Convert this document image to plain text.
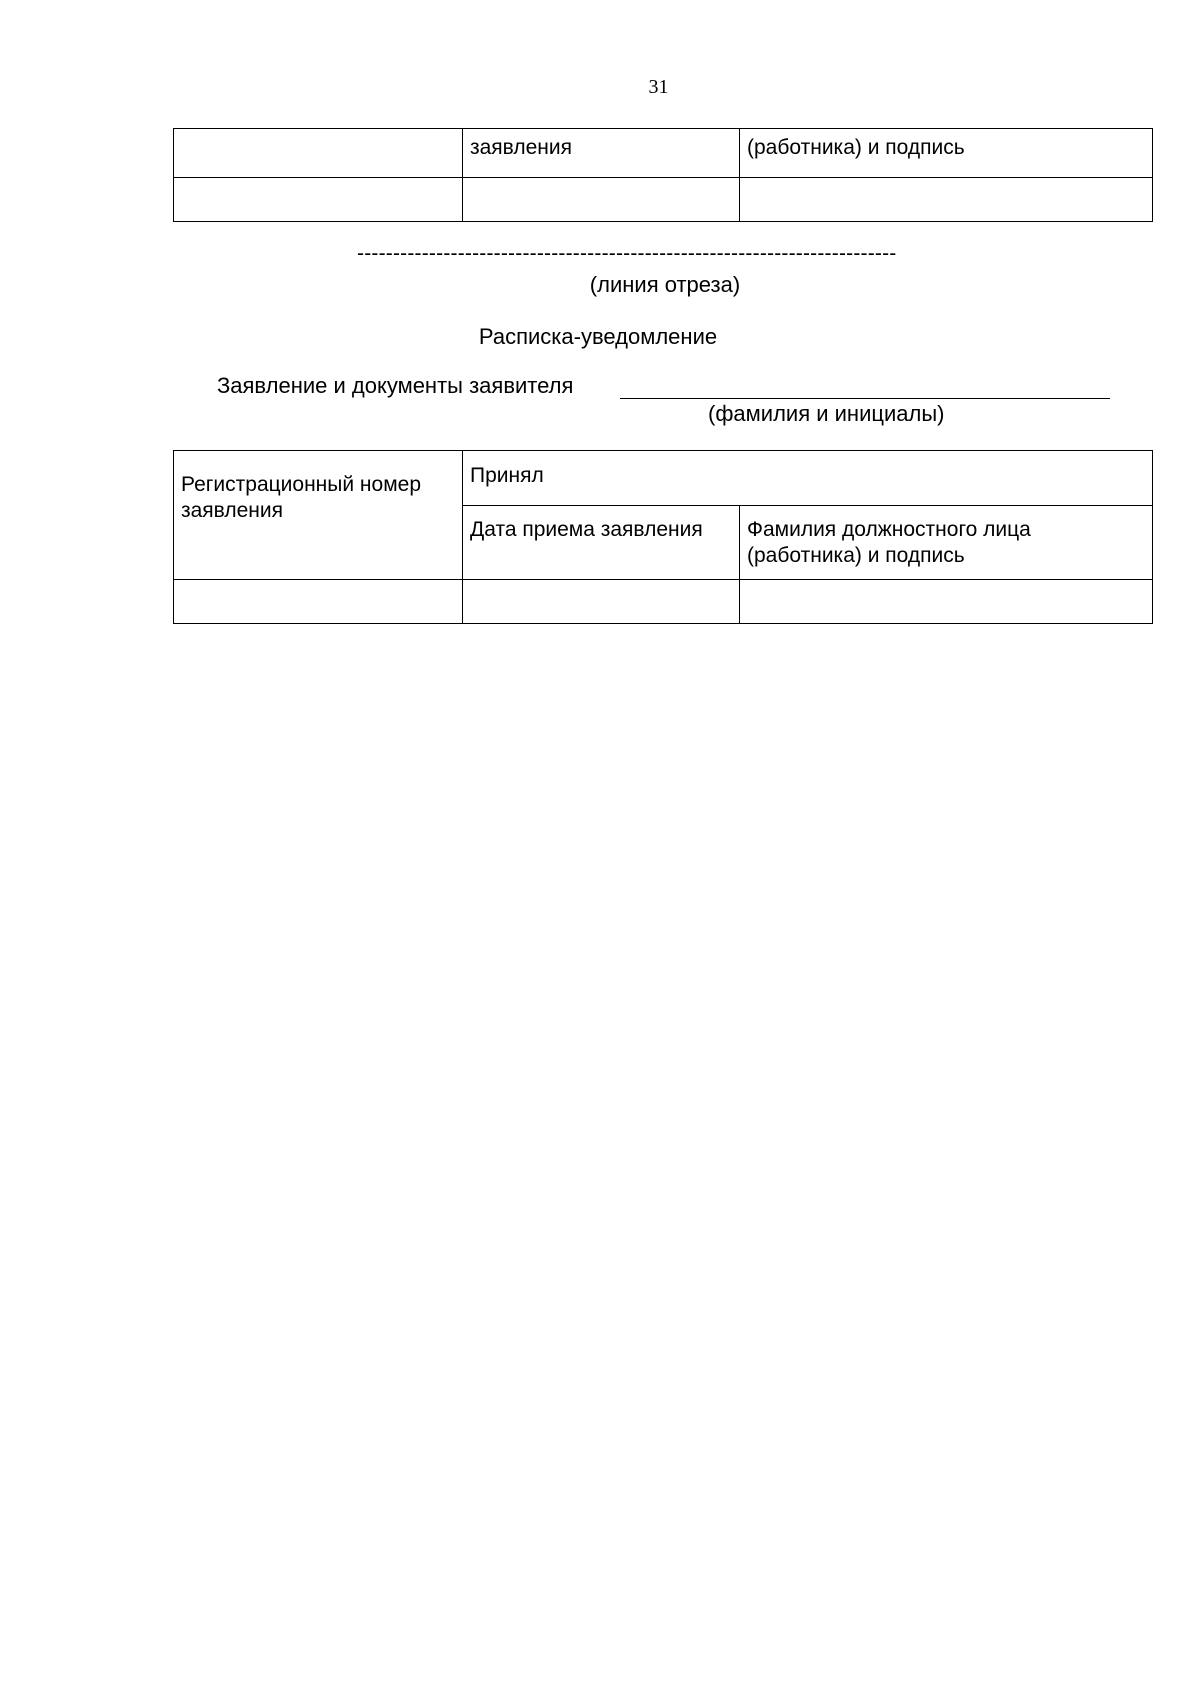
31
	заявления	(работника) и подпись

---------------------------------------------------------------------------
(линия отреза)
Расписка-уведомление
Заявление и документы заявителя
(фамилия и инициалы)
Регистрационный номер заявления	Принял	
	Дата приема заявления	Фамилия должностного лица (работника) и подпись
